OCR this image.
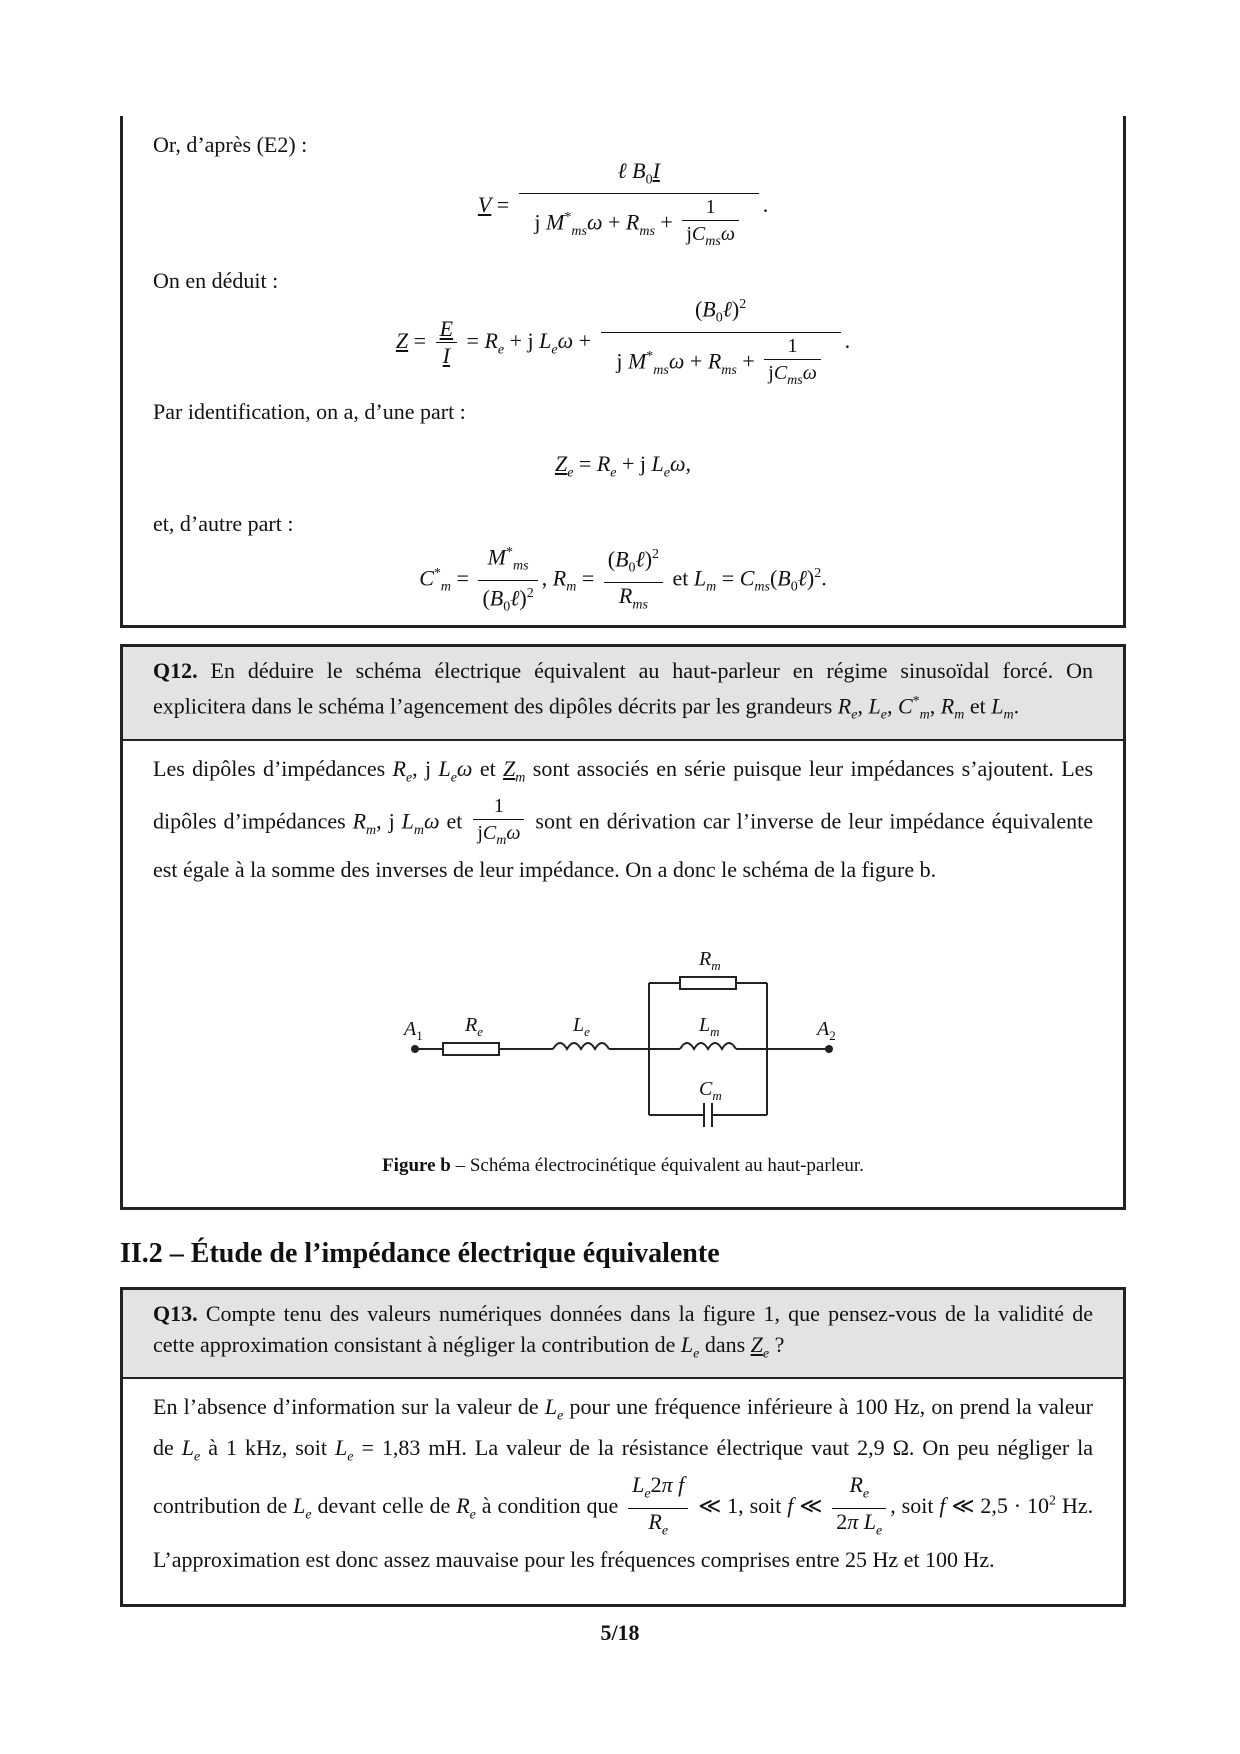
Or, d’après (E2) :
$V = \frac{\ell B_0I}{j M^*_{ms}\omega + R_{ms} + \frac{1}{jC_{ms}\omega}}$ .
On en déduit :
$Z = \frac{E}{I} = R_e + j$ $L_e\omega + \frac{(B_0\ell)^2}{j M^*_{ms}\omega + R_{ms} + \frac{1}{jC_{ms}\omega}}$ .
Par identification, on a, d’une part :
$Z_e = R_e + j$ $L_e\omega$,
et, d’autre part :
$C^*_m = \frac{M^*_{ms}}{(B_0\ell)^2}$ , $R_m = \frac{(B_0\ell)^2}{R_{ms}}$ et $L_m$ = $C_{ms}(B_0\ell)^2$.
Q12. En déduire le schéma électrique équivalent au haut-parleur en régime sinusoïdal forcé. On explicitera dans le schéma l’agencement des dipôles décrits par les grandeurs $R_e$, $L_e$, $C^*_m$, $R_m$ et $L_m$.
Les dipôles d’impédances $R_e$, j $L_e\omega$ et $Z_m$ sont associés en série puisque leur impédances s’ajoutent. Les dipôles d’impédances $R_m$, j $L_m\omega$ et $\frac{1}{jC_m\omega}$ sont en dérivation car l’inverse de leur impédance équivalente est égale à la somme des inverses de leur impédance. On a donc le schéma de la figure b.
$A_1$ $R_e$	$L_e$
$R_m$
$L_m$
$C_m$
$A_2$
Figure b – Schéma électrocinétique équivalent au haut-parleur.
II.2 – Étude de l’impédance électrique équivalente
Q13. Compte tenu des valeurs numériques données dans la figure 1, que pensez-vous de la validité de cette approximation consistant à négliger la contribution de $L_e$ dans $Z_e$ ?
En l’absence d’information sur la valeur de $L_e$ pour une fréquence inférieure à 100 Hz, on prend la valeur de $L_e$ à 1 kHz, soit $L_e = 1,83$ mH. La valeur de la résistance électrique vaut 2,9 Ω. On peu négliger la contribution de $L_e$ devant celle de $R_e$ à condition que $\frac{L_e2\pi f}{R_e}$ ≪ 1, soit f ≪ $\frac{R_e}{2\pi L_e}$ , soit f ≪ $2,5 \cdot 10^2$ Hz. L’approximation est donc assez mauvaise pour les fréquences comprises entre 25 Hz et 100 Hz.
5/18
